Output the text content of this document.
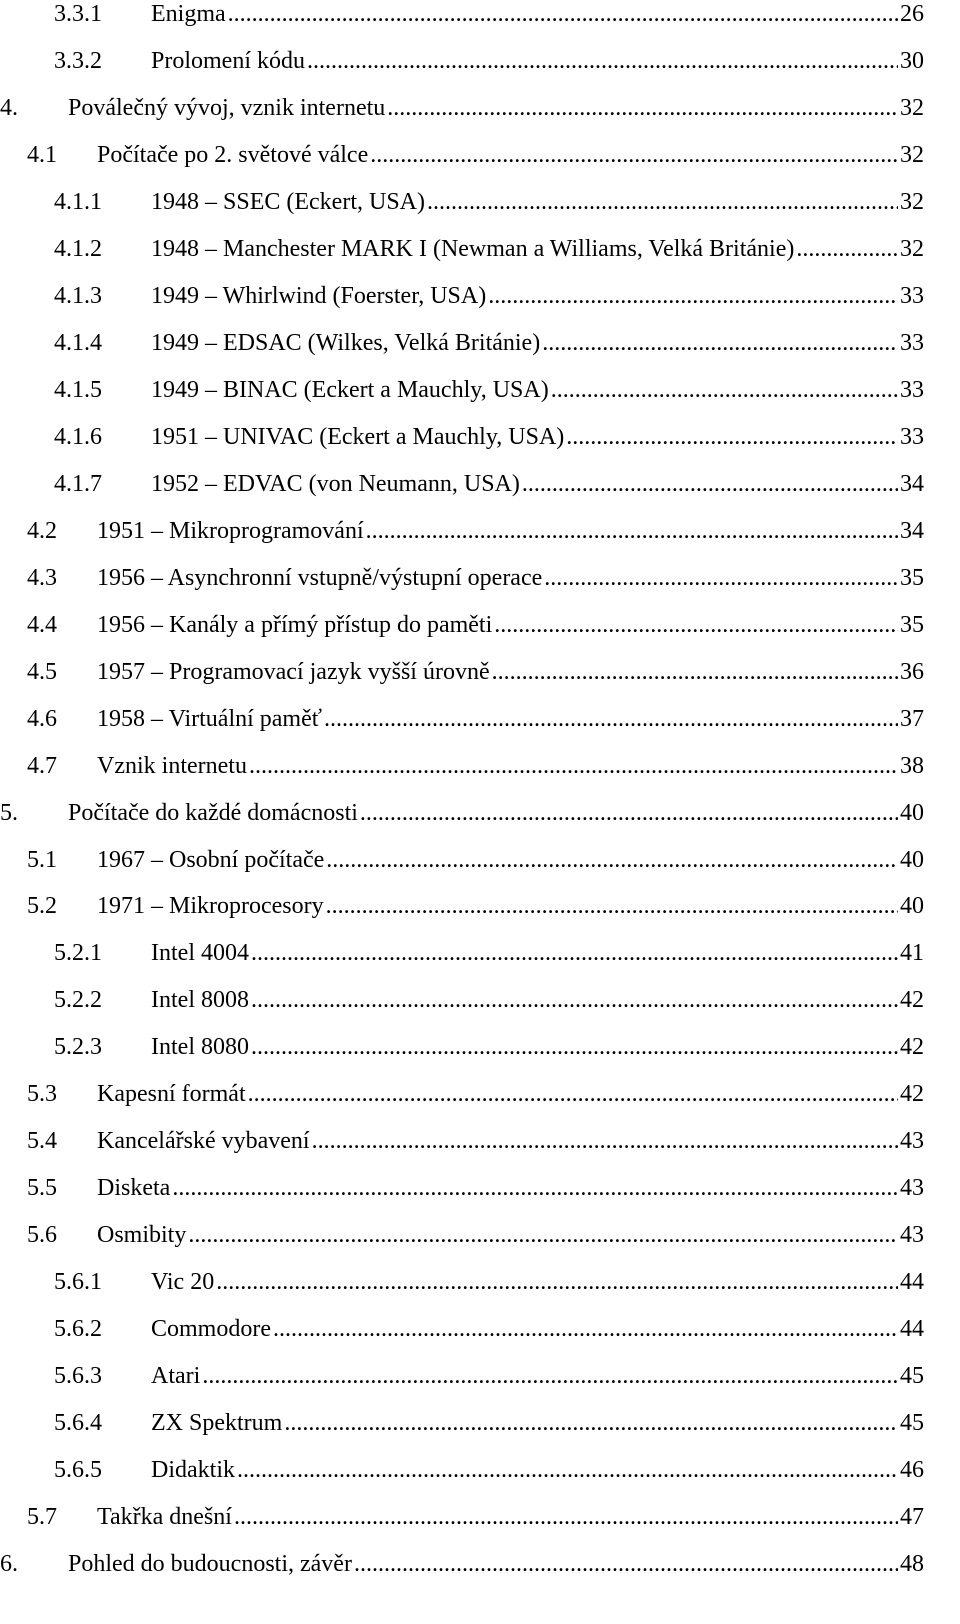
3.3.1 Enigma .....	26
3.3.2 Prolomení kódu .....	30
4. Poválečný vývoj, vznik internetu .....	32
4.1 Počítače po 2. světové válce .....	32
4.1.1 1948 – SSEC (Eckert, USA) .....	32
4.1.2 1948 – Manchester MARK I (Newman a Williams, Velká Británie) .....	32
4.1.3 1949 – Whirlwind (Foerster, USA) .....	33
4.1.4 1949 – EDSAC (Wilkes, Velká Británie) .....	33
4.1.5 1949 – BINAC (Eckert a Mauchly, USA) .....	33
4.1.6 1951 – UNIVAC (Eckert a Mauchly, USA) .....	33
4.1.7 1952 – EDVAC (von Neumann, USA) .....	34
4.2 1951 – Mikroprogramování .....	34
4.3 1956 – Asynchronní vstupně/výstupní operace .....	35
4.4 1956 – Kanály a přímý přístup do paměti .....	35
4.5 1957 – Programovací jazyk vyšší úrovně .....	36
4.6 1958 – Virtuální paměť .....	37
4.7 Vznik internetu .....	38
5. Počítače do každé domácnosti .....	40
5.1 1967 – Osobní počítače .....	40
5.2 1971 – Mikroprocesory .....	40
5.2.1 Intel 4004 .....	41
5.2.2 Intel 8008 .....	42
5.2.3 Intel 8080 .....	42
5.3 Kapesní formát .....	42
5.4 Kancelářské vybavení .....	43
5.5 Disketa .....	43
5.6 Osmibity .....	43
5.6.1 Vic 20 .....	44
5.6.2 Commodore .....	44
5.6.3 Atari .....	45
5.6.4 ZX Spektrum .....	45
5.6.5 Didaktik .....	46
5.7 Takřka dnešní .....	47
6. Pohled do budoucnosti, závěr .....	48
